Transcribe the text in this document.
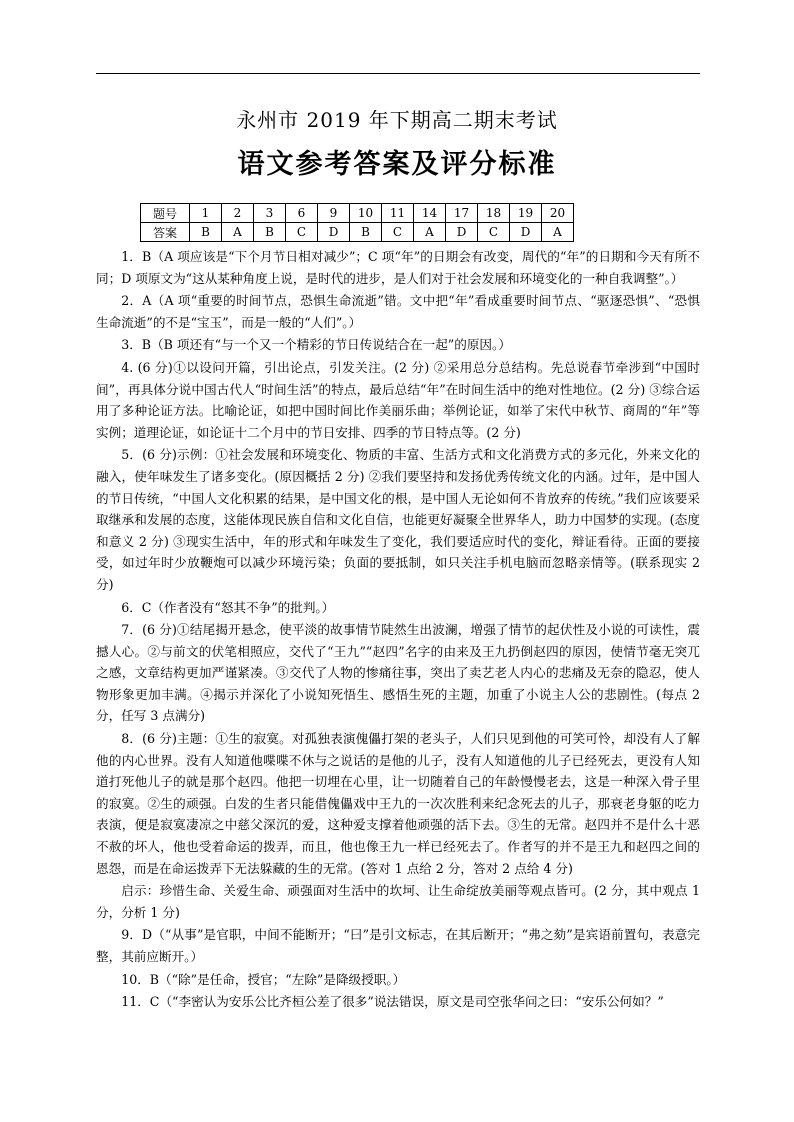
永州市 2019 年下期高二期末考试
语文参考答案及评分标准
题号	1	2	3	6	9	10	11	14	17	18	19	20
答案	B	A	B	C	D	B	C	A	D	C	D	A

1．B（A 项应该是“下个月节日相对减少”；C 项“年”的日期会有改变，周代的“年”的日期和今天有所不同；D 项原文为“这从某种角度上说，是时代的进步，是人们对于社会发展和环境变化的一种自我调整”。）

2．A（A 项“重要的时间节点，恐惧生命流逝”错。文中把“年”看成重要时间节点、“驱逐恐惧”、“恐惧生命流逝”的不是“宝玉”，而是一般的“人们”。）

3．B（B 项还有“与一个又一个精彩的节日传说结合在一起”的原因。）

4. (6 分)①以设问开篇，引出论点，引发关注。(2 分) ②采用总分总结构。先总说春节牵涉到“中国时间”，再具体分说中国古代人“时间生活”的特点，最后总结“年”在时间生活中的绝对性地位。(2 分) ③综合运用了多种论证方法。比喻论证，如把中国时间比作美丽乐曲；举例论证，如举了宋代中秋节、商周的“年”等实例；道理论证，如论证十二个月中的节日安排、四季的节日特点等。(2 分)

5．(6 分)示例：①社会发展和环境变化、物质的丰富、生活方式和文化消费方式的多元化，外来文化的融入，使年味发生了诸多变化。(原因概括 2 分) ②我们要坚持和发扬优秀传统文化的内涵。过年，是中国人的节日传统，“中国人文化积累的结果，是中国文化的根，是中国人无论如何不肯放弃的传统。”我们应该要采取继承和发展的态度，这能体现民族自信和文化自信，也能更好凝聚全世界华人，助力中国梦的实现。(态度和意义 2 分) ③现实生活中，年的形式和年味发生了变化，我们要适应时代的变化，辩证看待。正面的要接受，如过年时少放鞭炮可以减少环境污染；负面的要抵制，如只关注手机电脑而忽略亲情等。(联系现实 2 分)

6．C（作者没有“怒其不争”的批判。）

7．(6 分)①结尾揭开悬念，使平淡的故事情节陡然生出波澜，增强了情节的起伏性及小说的可读性，震撼人心。②与前文的伏笔相照应，交代了“王九”“赵四”名字的由来及王九扔倒赵四的原因，使情节毫无突兀之感，文章结构更加严谨紧凑。③交代了人物的惨痛往事，突出了卖艺老人内心的悲痛及无奈的隐忍，使人物形象更加丰满。④揭示并深化了小说知死悟生、感悟生死的主题，加重了小说主人公的悲剧性。(每点 2 分，任写 3 点满分)

8．(6 分)主题：①生的寂寞。对孤独表演傀儡打架的老头子，人们只见到他的可笑可怜，却没有人了解他的内心世界。没有人知道他喋喋不休与之说话的是他的儿子，没有人知道他的儿子已经死去，更没有人知道打死他儿子的就是那个赵四。他把一切埋在心里，让一切随着自己的年龄慢慢老去，这是一种深入骨子里的寂寞。②生的顽强。白发的生者只能借傀儡戏中王九的一次次胜利来纪念死去的儿子，那衰老身躯的吃力表演，便是寂寞凄凉之中慈父深沉的爱，这种爱支撑着他顽强的活下去。③生的无常。赵四并不是什么十恶不赦的坏人，他也受着命运的拨弄，而且，他也像王九一样已经死去了。作者写的并不是王九和赵四之间的恩怨，而是在命运拨弄下无法躲藏的生的无常。(答对 1 点给 2 分，答对 2 点给 4 分)

启示：珍惜生命、关爱生命、顽强面对生活中的坎坷、让生命绽放美丽等观点皆可。(2 分，其中观点 1 分，分析 1 分)

9．D（“从事”是官职，中间不能断开；“曰”是引文标志，在其后断开；“弗之劾”是宾语前置句，表意完整，其前应断开。）

10．B（“除”是任命，授官；“左除”是降级授职。）

11．C（“李密认为安乐公比齐桓公差了很多”说法错误，原文是司空张华问之曰：“安乐公何如？”
